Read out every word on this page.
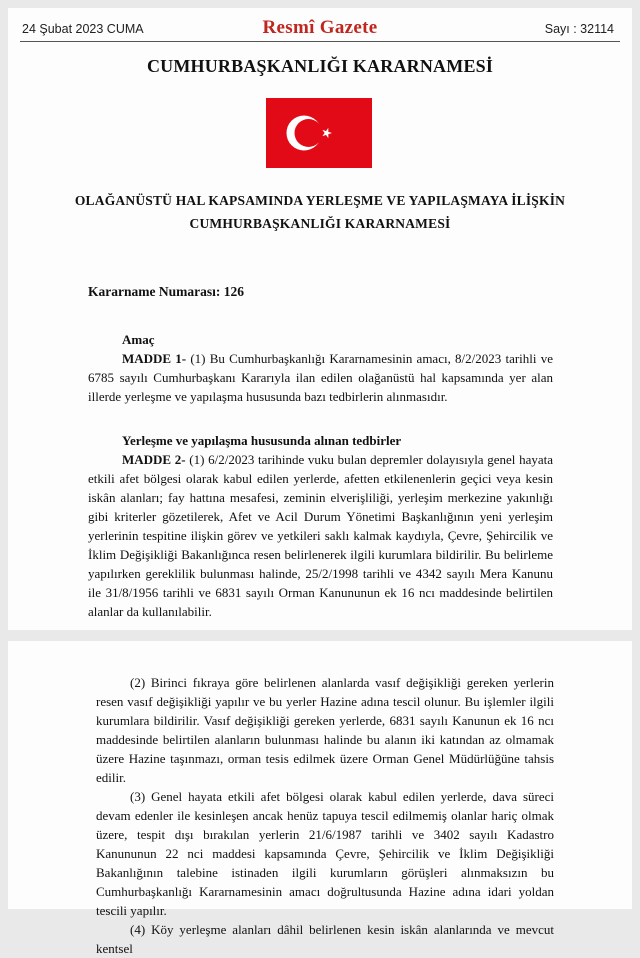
24 Şubat 2023 CUMA	Resmî Gazete	Sayı : 32114
CUMHURBAŞKANLIĞI KARARNAMESİ
OLAĞANÜSTÜ HAL KAPSAMINDA YERLEŞME VE YAPILAŞMAYA İLİŞKİN
CUMHURBAŞKANLIĞI KARARNAMESİ
Kararname Numarası: 126

Amaç

MADDE 1- (1) Bu Cumhurbaşkanlığı Kararnamesinin amacı, 8/2/2023 tarihli ve 6785 sayılı Cumhurbaşkanı Kararıyla ilan edilen olağanüstü hal kapsamında yer alan illerde yerleşme ve yapılaşma hususunda bazı tedbirlerin alınmasıdır.

Yerleşme ve yapılaşma hususunda alınan tedbirler

MADDE 2- (1) 6/2/2023 tarihinde vuku bulan depremler dolayısıyla genel hayata etkili afet bölgesi olarak kabul edilen yerlerde, afetten etkilenenlerin geçici veya kesin iskân alanları; fay hattına mesafesi, zeminin elverişliliği, yerleşim merkezine yakınlığı gibi kriterler gözetilerek, Afet ve Acil Durum Yönetimi Başkanlığının yeni yerleşim yerlerinin tespitine ilişkin görev ve yetkileri saklı kalmak kaydıyla, Çevre, Şehircilik ve İklim Değişikliği Bakanlığınca resen belirlenerek ilgili kurumlara bildirilir. Bu belirleme yapılırken gereklilik bulunması halinde, 25/2/1998 tarihli ve 4342 sayılı Mera Kanunu ile 31/8/1956 tarihli ve 6831 sayılı Orman Kanununun ek 16 ncı maddesinde belirtilen alanlar da kullanılabilir.

(2) Birinci fıkraya göre belirlenen alanlarda vasıf değişikliği gereken yerlerin resen vasıf değişikliği yapılır ve bu yerler Hazine adına tescil olunur. Bu işlemler ilgili kurumlara bildirilir. Vasıf değişikliği gereken yerlerde, 6831 sayılı Kanunun ek 16 ncı maddesinde belirtilen alanların bulunması halinde bu alanın iki katından az olmamak üzere Hazine taşınmazı, orman tesis edilmek üzere Orman Genel Müdürlüğüne tahsis edilir.

(3) Genel hayata etkili afet bölgesi olarak kabul edilen yerlerde, dava süreci devam edenler ile kesinleşen ancak henüz tapuya tescil edilmemiş olanlar hariç olmak üzere, tespit dışı bırakılan yerlerin 21/6/1987 tarihli ve 3402 sayılı Kadastro Kanununun 22 nci maddesi kapsamında Çevre, Şehircilik ve İklim Değişikliği Bakanlığının talebine istinaden ilgili kurumların görüşleri alınmaksızın bu Cumhurbaşkanlığı Kararnamesinin amacı doğrultusunda Hazine adına idari yoldan tescili yapılır.

(4) Köy yerleşme alanları dâhil belirlenen kesin iskân alanlarında ve mevcut kentsel
